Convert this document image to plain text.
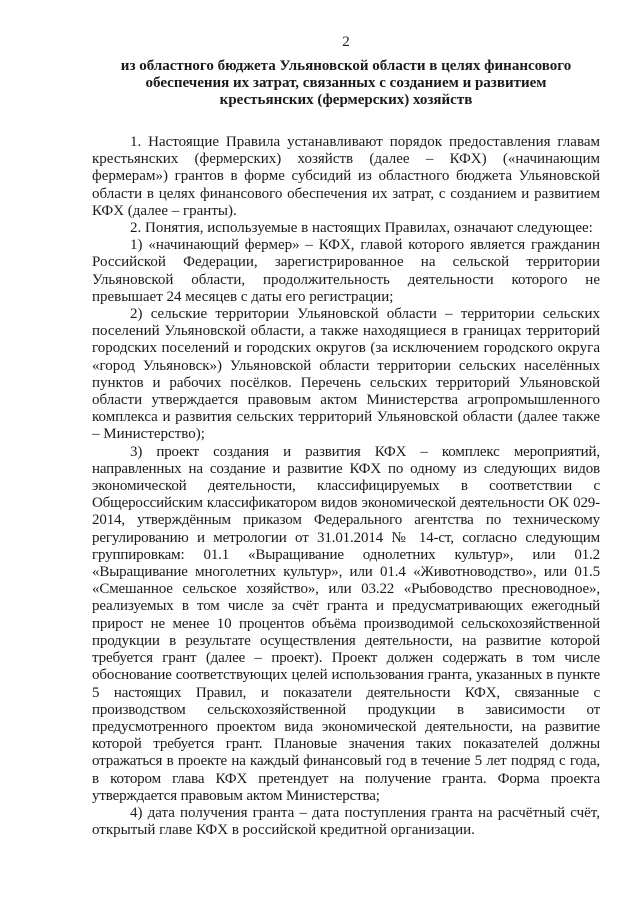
2
из областного бюджета Ульяновской области в целях финансового
обеспечения их затрат, связанных с созданием и развитием
крестьянских (фермерских) хозяйств

1. Настоящие Правила устанавливают порядок предоставления главам крестьянских (фермерских) хозяйств (далее – КФХ) («начинающим фермерам») грантов в форме субсидий из областного бюджета Ульяновской области в целях финансового обеспечения их затрат, с созданием и развитием КФХ (далее – гранты).

2. Понятия, используемые в настоящих Правилах, означают следующее:

1) «начинающий фермер» – КФХ, главой которого является гражданин Российской Федерации, зарегистрированное на сельской территории Ульяновской области, продолжительность деятельности которого не превышает 24 месяцев с даты его регистрации;

2) сельские территории Ульяновской области – территории сельских поселений Ульяновской области, а также находящиеся в границах территорий городских поселений и городских округов (за исключением городского округа «город Ульяновск») Ульяновской области территории сельских населённых пунктов и рабочих посёлков. Перечень сельских территорий Ульяновской области утверждается правовым актом Министерства агропромышленного комплекса и развития сельских территорий Ульяновской области (далее также – Министерство);

3) проект создания и развития КФХ – комплекс мероприятий, направленных на создание и развитие КФХ по одному из следующих видов экономической деятельности, классифицируемых в соответствии с Общероссийским классификатором видов экономической деятельности ОК 029-2014, утверждённым приказом Федерального агентства по техническому регулированию и метрологии от 31.01.2014 № 14-ст, согласно следующим группировкам: 01.1 «Выращивание однолетних культур», или 01.2 «Выращивание многолетних культур», или 01.4 «Животноводство», или 01.5 «Смешанное сельское хозяйство», или 03.22 «Рыбоводство пресноводное», реализуемых в том числе за счёт гранта и предусматривающих ежегодный прирост не менее 10 процентов объёма производимой сельскохозяйственной продукции в результате осуществления деятельности, на развитие которой требуется грант (далее – проект). Проект должен содержать в том числе обоснование соответствующих целей использования гранта, указанных в пункте 5 настоящих Правил, и показатели деятельности КФХ, связанные с производством сельскохозяйственной продукции в зависимости от предусмотренного проектом вида экономической деятельности, на развитие которой требуется грант. Плановые значения таких показателей должны отражаться в проекте на каждый финансовый год в течение 5 лет подряд с года, в котором глава КФХ претендует на получение гранта. Форма проекта утверждается правовым актом Министерства;

4) дата получения гранта – дата поступления гранта на расчётный счёт, открытый главе КФХ в российской кредитной организации.
